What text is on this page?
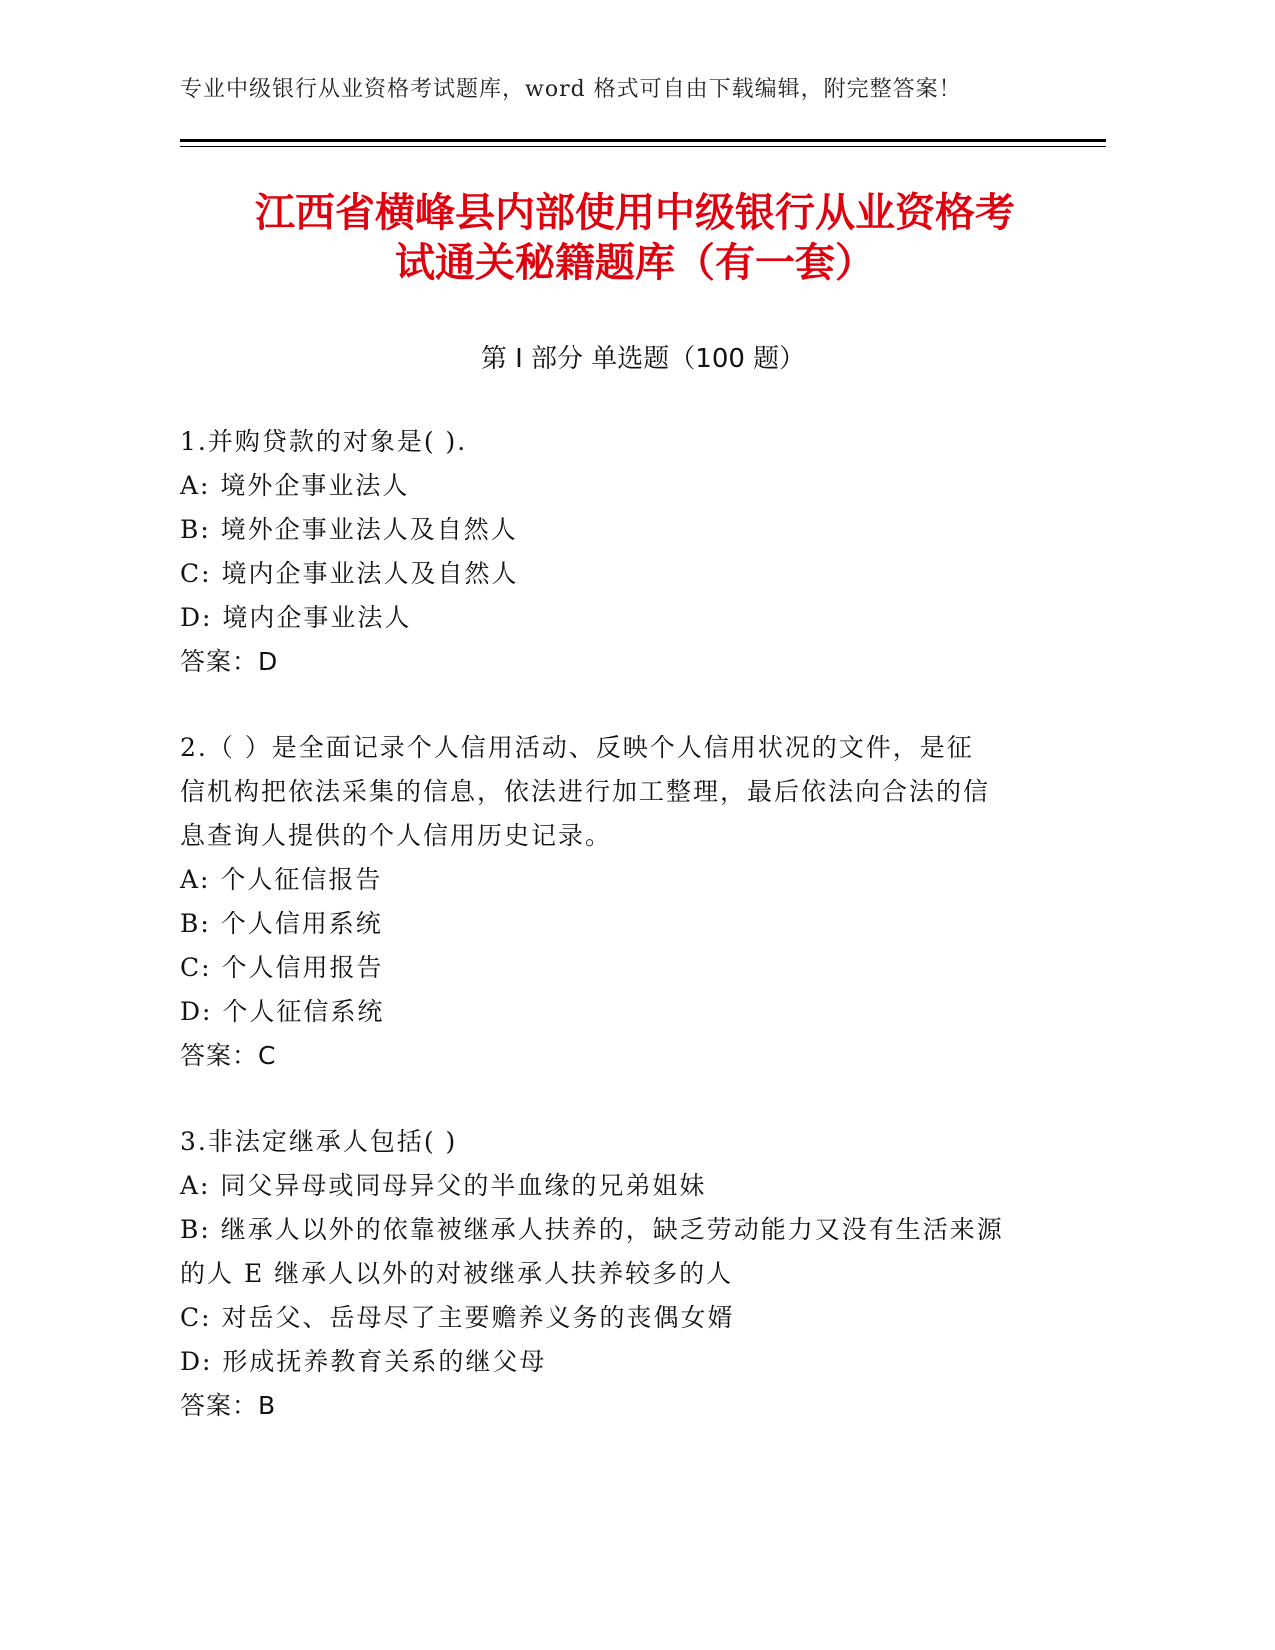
专业中级银行从业资格考试题库，word 格式可自由下载编辑，附完整答案！
江西省横峰县内部使用中级银行从业资格考
试通关秘籍题库（有一套）
第 I 部分 单选题（100 题）
1.并购贷款的对象是( ).
A: 境外企事业法人
B: 境外企事业法人及自然人
C: 境内企事业法人及自然人
D: 境内企事业法人
答案：D
2.（ ）是全面记录个人信用活动、反映个人信用状况的文件，是征
信机构把依法采集的信息，依法进行加工整理，最后依法向合法的信
息查询人提供的个人信用历史记录。
A: 个人征信报告
B: 个人信用系统
C: 个人信用报告
D: 个人征信系统
答案：C
3.非法定继承人包括( )
A: 同父异母或同母异父的半血缘的兄弟姐妹
B: 继承人以外的依靠被继承人扶养的，缺乏劳动能力又没有生活来源
的人 E 继承人以外的对被继承人扶养较多的人
C: 对岳父、岳母尽了主要赡养义务的丧偶女婿
D: 形成抚养教育关系的继父母
答案：B
